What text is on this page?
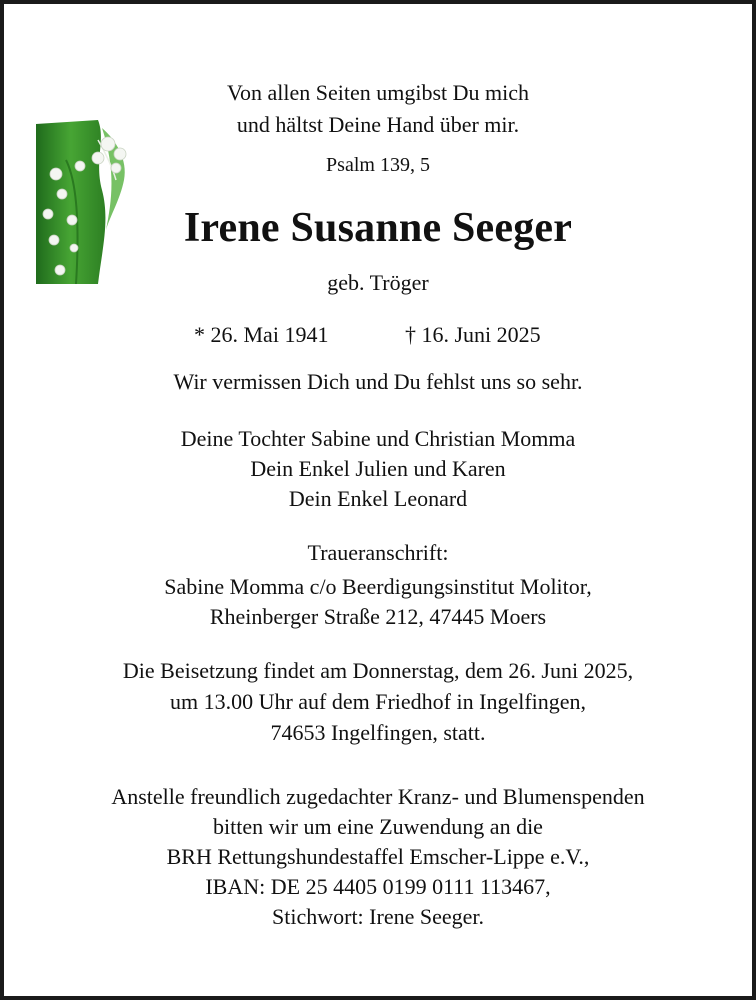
Von allen Seiten umgibst Du mich
und hältst Deine Hand über mir.
Psalm 139, 5
Irene Susanne Seeger
geb. Tröger
* 26. Mai 1941	† 16. Juni 2025
Wir vermissen Dich und Du fehlst uns so sehr.
Deine Tochter Sabine und Christian Momma
Dein Enkel Julien und Karen
Dein Enkel Leonard
Traueranschrift:
Sabine Momma c/o Beerdigungsinstitut Molitor,
Rheinberger Straße 212, 47445 Moers
Die Beisetzung findet am Donnerstag, dem 26. Juni 2025,
um 13.00 Uhr auf dem Friedhof in Ingelfingen,
74653 Ingelfingen, statt.
Anstelle freundlich zugedachter Kranz- und Blumenspenden
bitten wir um eine Zuwendung an die
BRH Rettungshundestaffel Emscher-Lippe e.V.,
IBAN: DE 25 4405 0199 0111 113467,
Stichwort: Irene Seeger.
